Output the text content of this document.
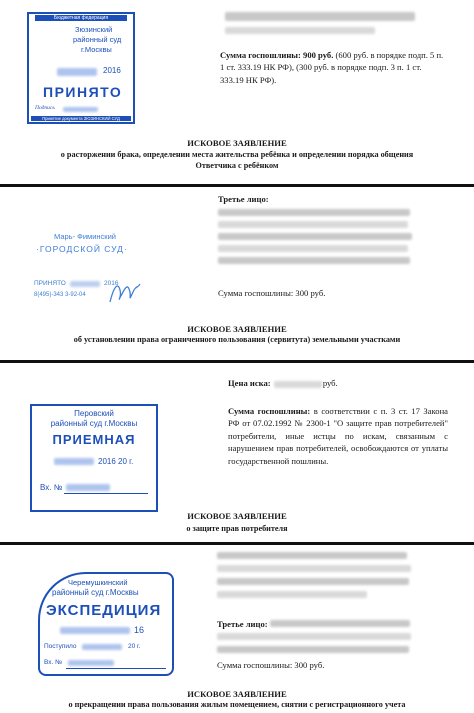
Бюджетная федерация
Зюзинский
районный суд
г.Москвы
2016
ПРИНЯТО
Подпись
Принятие документа ЗЮЗИНСКИЙ СУД
Сумма госпошлины: 900 руб. (600 руб. в порядке подп. 5 п. 1 ст. 333.19 НК РФ), (300 руб. в порядке подп. 3 п. 1 ст. 333.19 НК РФ).
ИСКОВОЕ ЗАЯВЛЕНИЕ
о расторжении брака, определении места жительства ребёнка и определении порядка общения
Ответчика с ребёнком
Третье лицо:
Марь- Фиминский
·ГОРОДСКОЙ СУД·
ПРИНЯТО	2016
8(495)-343 3-92-04	Сумма госпошлины: 300 руб.
ИСКОВОЕ ЗАЯВЛЕНИЕ
об установлении права ограниченного пользования (сервитута) земельными участками
Цена иска:	руб.
Перовский
районный суд г.Москвы
ПРИЕМНАЯ
2016 20 г.
Вх. №
Сумма госпошлины: в соответствии с п. 3 ст. 17 Закона РФ от 07.02.1992 № 2300-1 "О защите прав потребителей" потребители, иные истцы по искам, связанным с нарушением прав потребителей, освобождаются от уплаты государственной пошлины.
ИСКОВОЕ ЗАЯВЛЕНИЕ
о защите прав потребителя
Черемушкинский
районный суд г.Москвы
ЭКСПЕДИЦИЯ
16
Поступило	20 г.
Вх. №
Третье лицо:
Сумма госпошлины: 300 руб.
ИСКОВОЕ ЗАЯВЛЕНИЕ
о прекращении права пользования жилым помещением, снятии с регистрационного учета
